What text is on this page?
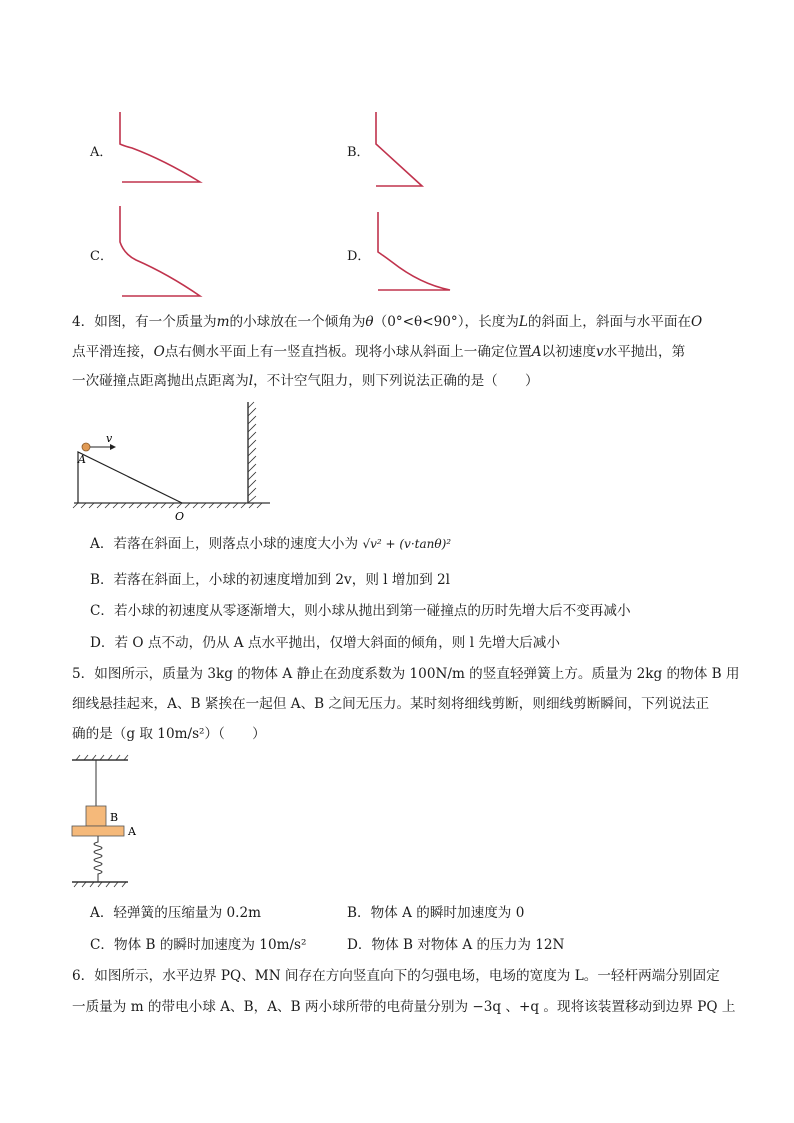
A．	B．
C．	D．
4．如图，有一个质量为m的小球放在一个倾角为θ（0°<θ<90°），长度为L的斜面上，斜面与水平面在O
点平滑连接，O点右侧水平面上有一竖直挡板。现将小球从斜面上一确定位置A以初速度v水平抛出，第
一次碰撞点距离抛出点距离为l，不计空气阻力，则下列说法正确的是（　　）
v
A
O
A．若落在斜面上，则落点小球的速度大小为 √v² + (v·tanθ)²
B．若落在斜面上，小球的初速度增加到 2v，则 l 增加到 2l
C．若小球的初速度从零逐渐增大，则小球从抛出到第一碰撞点的历时先增大后不变再减小
D．若 O 点不动，仍从 A 点水平抛出，仅增大斜面的倾角，则 l 先增大后减小
5．如图所示，质量为 3kg 的物体 A 静止在劲度系数为 100N/m 的竖直轻弹簧上方。质量为 2kg 的物体 B 用
细线悬挂起来，A、B 紧挨在一起但 A、B 之间无压力。某时刻将细线剪断，则细线剪断瞬间，下列说法正
确的是（g 取 10m/s²）（　　）
B
A
A．轻弹簧的压缩量为 0.2m	B．物体 A 的瞬时加速度为 0
C．物体 B 的瞬时加速度为 10m/s²	D．物体 B 对物体 A 的压力为 12N
6．如图所示，水平边界 PQ、MN 间存在方向竖直向下的匀强电场，电场的宽度为 L。一轻杆两端分别固定
一质量为 m 的带电小球 A、B，A、B 两小球所带的电荷量分别为 −3q 、+q 。现将该装置移动到边界 PQ 上
